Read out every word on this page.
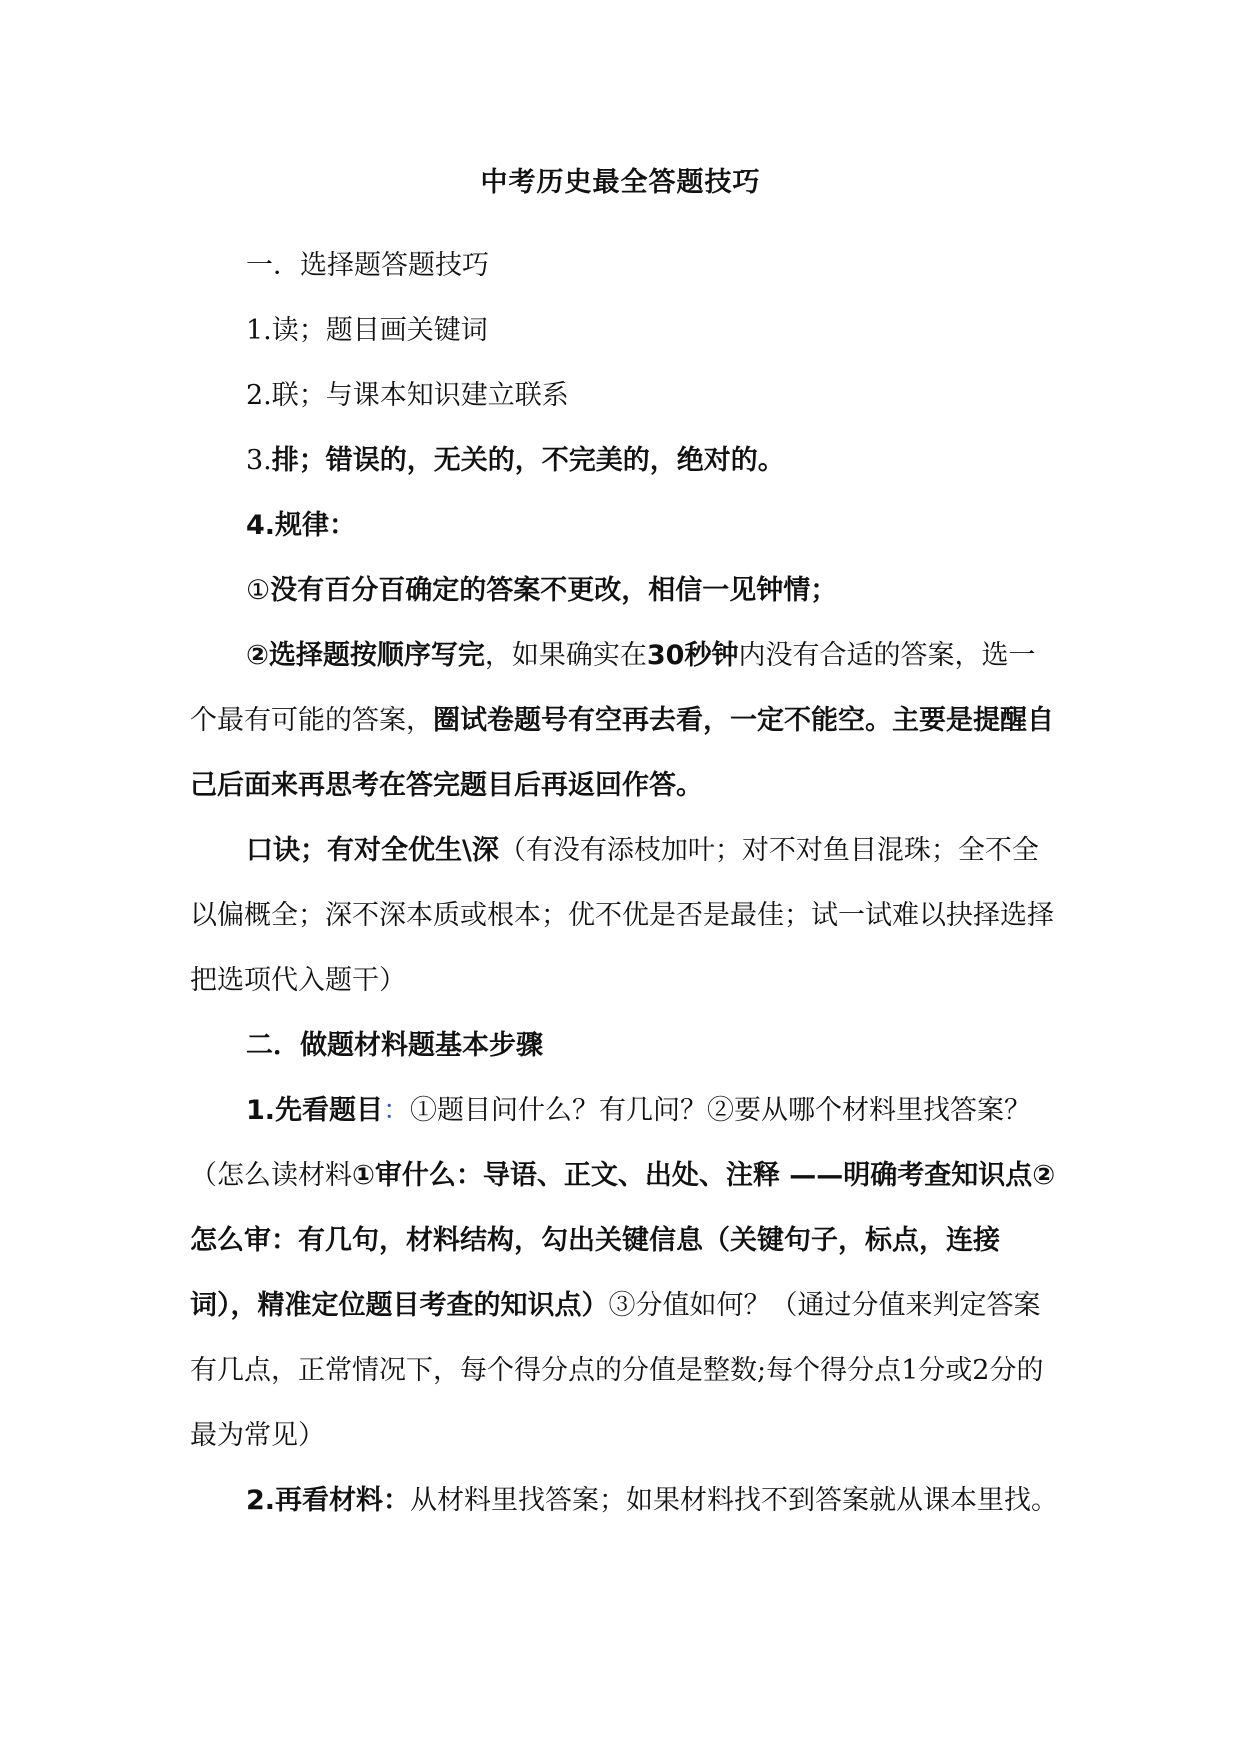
中考历史最全答题技巧

一．选择题答题技巧

1.读；题目画关键词

2.联；与课本知识建立联系

3.排；错误的，无关的，不完美的，绝对的。

4.规律：

①没有百分百确定的答案不更改，相信一见钟情；

②选择题按顺序写完，如果确实在30秒钟内没有合适的答案，选一个最有可能的答案，圈试卷题号有空再去看，一定不能空。主要是提醒自己后面来再思考在答完题目后再返回作答。

口诀；有对全优生\深（有没有添枝加叶；对不对鱼目混珠；全不全以偏概全；深不深本质或根本；优不优是否是最佳；试一试难以抉择选择把选项代入题干）

二．做题材料题基本步骤

1.先看题目：①题目问什么？有几问？②要从哪个材料里找答案？（怎么读材料①审什么：导语、正文、出处、注释 ——明确考查知识点②怎么审：有几句，材料结构，勾出关键信息（关键句子，标点，连接词），精准定位题目考查的知识点）③分值如何？（通过分值来判定答案有几点，正常情况下，每个得分点的分值是整数;每个得分点1分或2分的最为常见）

2.再看材料：从材料里找答案；如果材料找不到答案就从课本里找。
